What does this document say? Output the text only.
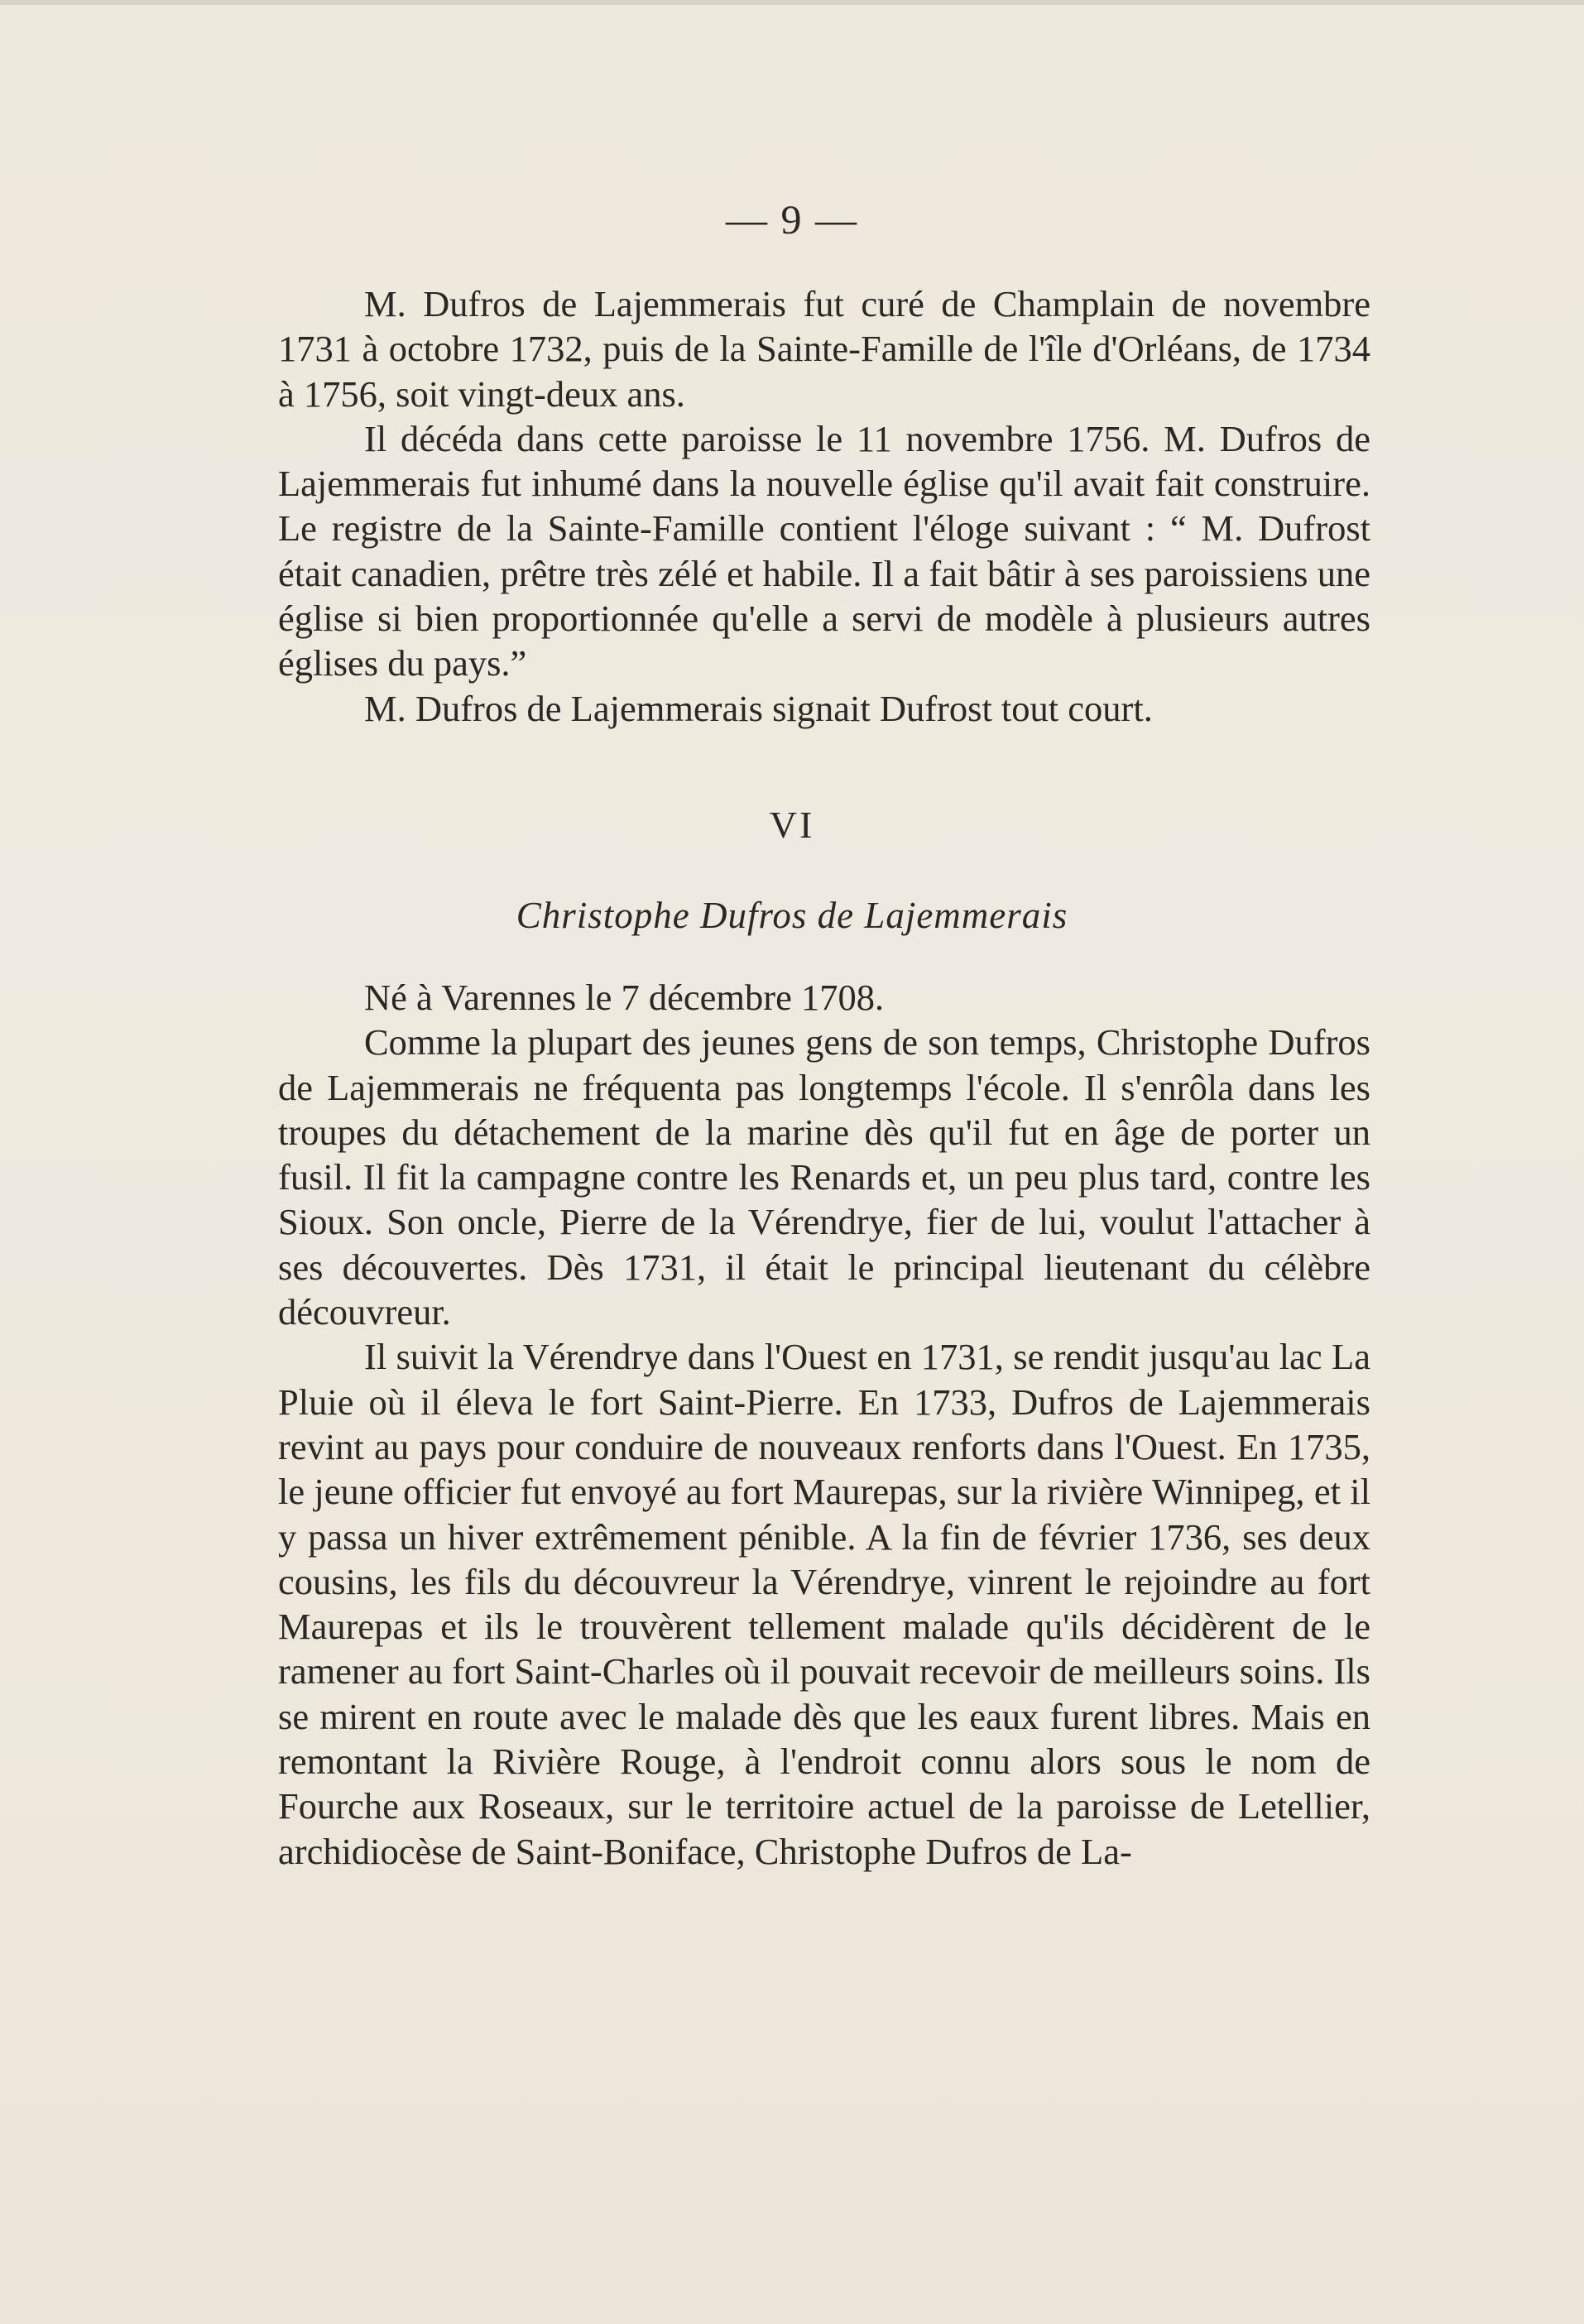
— 9 —

M. Dufros de Lajemmerais fut curé de Champlain de novembre 1731 à octobre 1732, puis de la Sainte-Famille de l'île d'Orléans, de 1734 à 1756, soit vingt-deux ans.

Il décéda dans cette paroisse le 11 novembre 1756. M. Dufros de Lajemmerais fut inhumé dans la nouvelle église qu'il avait fait construire. Le registre de la Sainte-Famille contient l'éloge suivant : “ M. Dufrost était canadien, prêtre très zélé et habile. Il a fait bâtir à ses paroissiens une église si bien proportionnée qu'elle a servi de modèle à plusieurs autres églises du pays.”

M. Dufros de Lajemmerais signait Dufrost tout court.

VI
Christophe Dufros de Lajemmerais

Né à Varennes le 7 décembre 1708.

Comme la plupart des jeunes gens de son temps, Christophe Dufros de Lajemmerais ne fréquenta pas longtemps l'école. Il s'enrôla dans les troupes du détachement de la marine dès qu'il fut en âge de porter un fusil. Il fit la campagne contre les Renards et, un peu plus tard, contre les Sioux. Son oncle, Pierre de la Vérendrye, fier de lui, voulut l'attacher à ses découvertes. Dès 1731, il était le principal lieutenant du célèbre découvreur.

Il suivit la Vérendrye dans l'Ouest en 1731, se rendit jusqu'au lac La Pluie où il éleva le fort Saint-Pierre. En 1733, Dufros de Lajemmerais revint au pays pour conduire de nouveaux renforts dans l'Ouest. En 1735, le jeune officier fut envoyé au fort Maurepas, sur la rivière Winnipeg, et il y passa un hiver extrêmement pénible. A la fin de février 1736, ses deux cousins, les fils du découvreur la Vérendrye, vinrent le rejoindre au fort Maurepas et ils le trouvèrent tellement malade qu'ils décidèrent de le ramener au fort Saint-Charles où il pouvait recevoir de meilleurs soins. Ils se mirent en route avec le malade dès que les eaux furent libres. Mais en remontant la Rivière Rouge, à l'endroit connu alors sous le nom de Fourche aux Roseaux, sur le territoire actuel de la paroisse de Letellier, archidiocèse de Saint-Boniface, Christophe Dufros de La-
